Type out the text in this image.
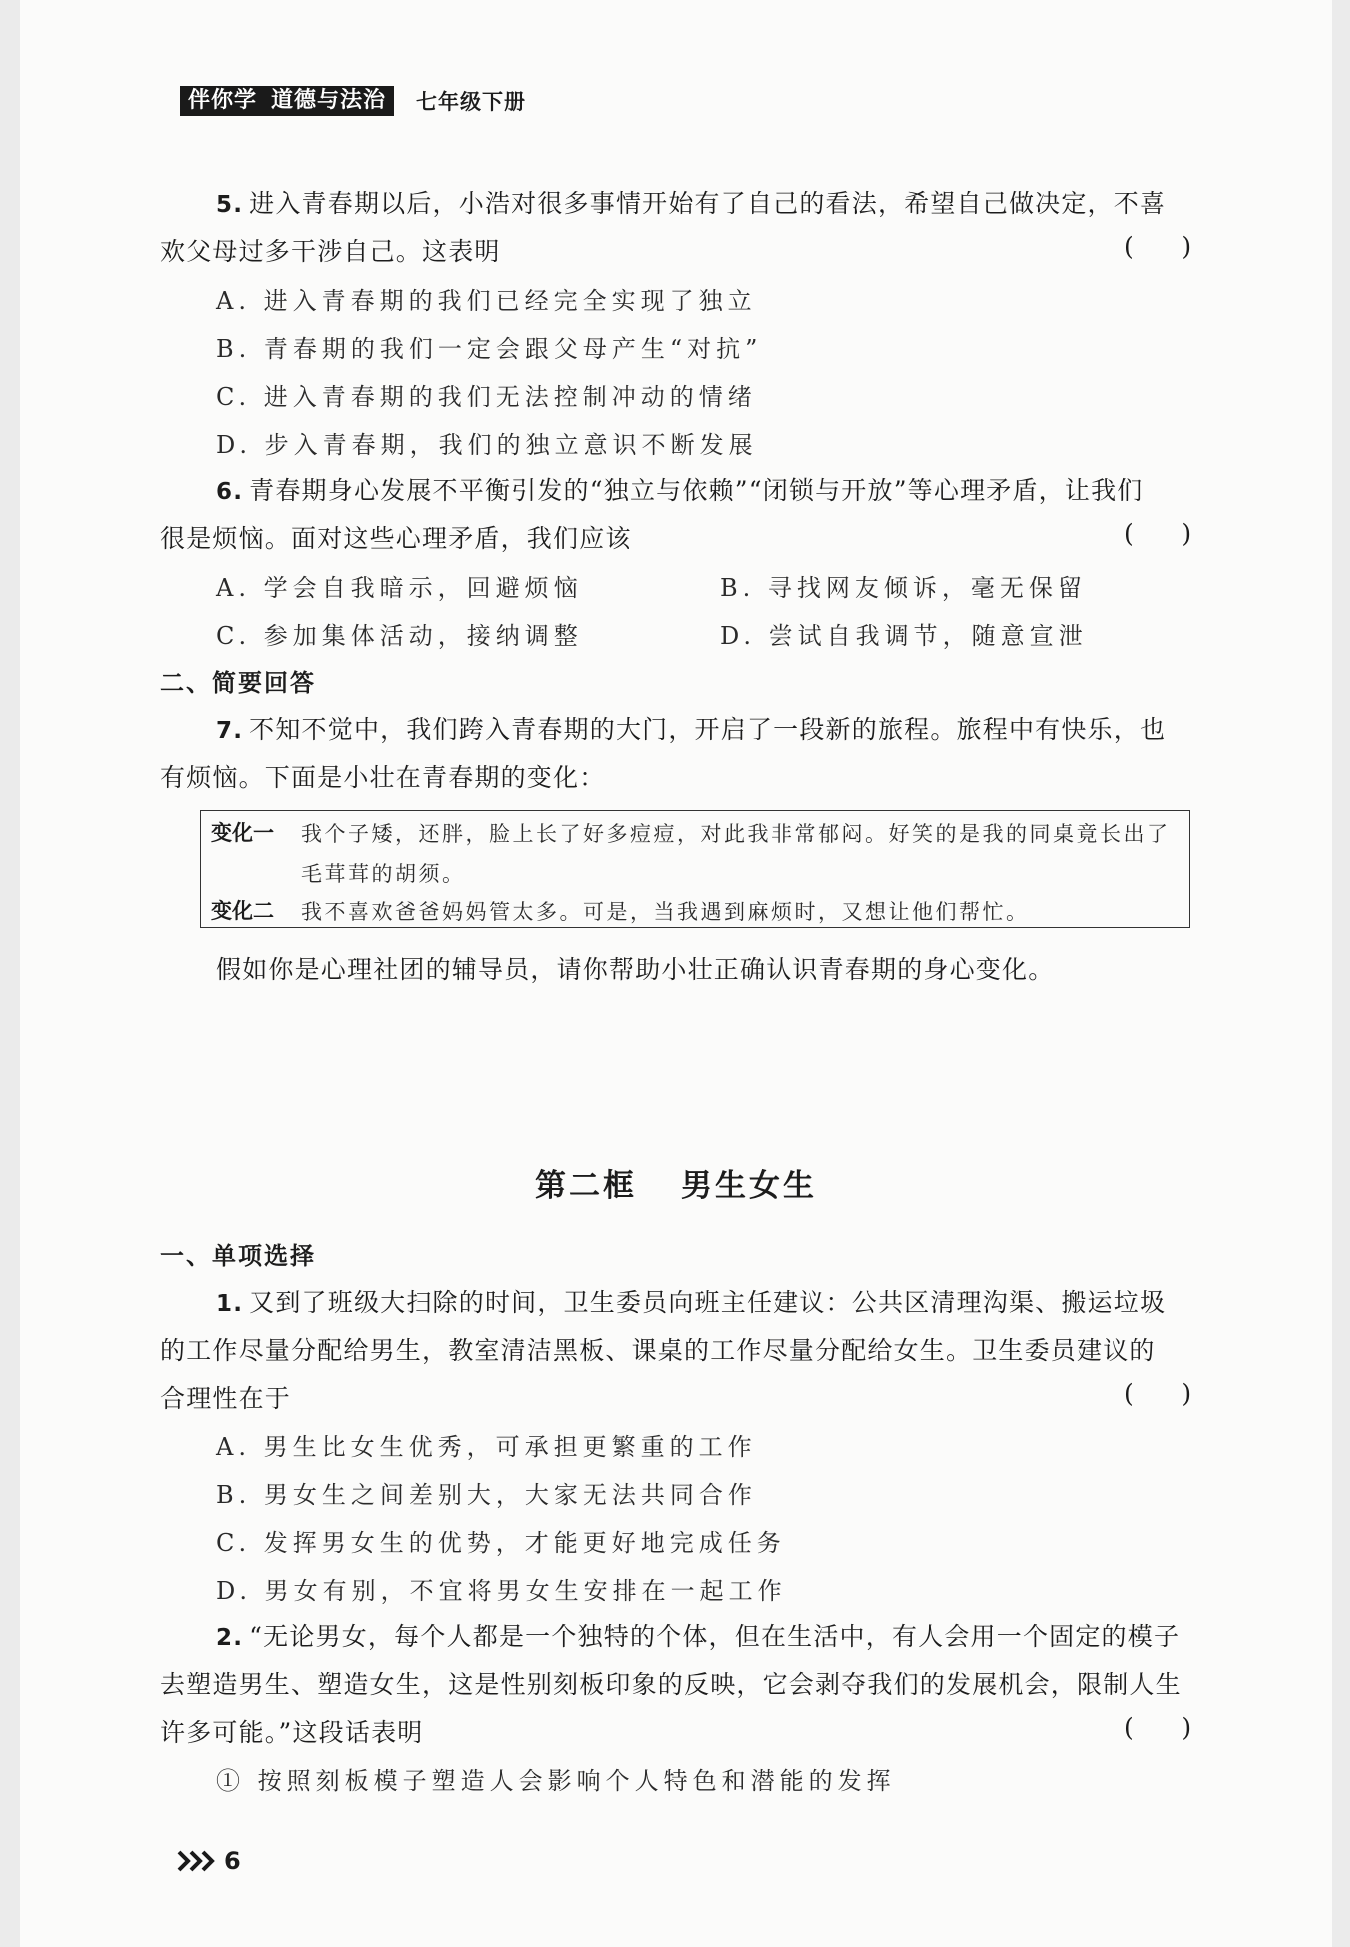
伴你学 道德与法治	七年级下册
5. 进入青春期以后，小浩对很多事情开始有了自己的看法，希望自己做决定，不喜
欢父母过多干涉自己。这表明	(      )
A. 进入青春期的我们已经完全实现了独立
B. 青春期的我们一定会跟父母产生“对抗”
C. 进入青春期的我们无法控制冲动的情绪
D. 步入青春期，我们的独立意识不断发展
6. 青春期身心发展不平衡引发的“独立与依赖”“闭锁与开放”等心理矛盾，让我们
很是烦恼。面对这些心理矛盾，我们应该	(      )
A. 学会自我暗示，回避烦恼	B. 寻找网友倾诉，毫无保留
C. 参加集体活动，接纳调整	D. 尝试自我调节，随意宣泄
二、简要回答
7. 不知不觉中，我们跨入青春期的大门，开启了一段新的旅程。旅程中有快乐，也
有烦恼。下面是小壮在青春期的变化：
变化一 我个子矮，还胖，脸上长了好多痘痘，对此我非常郁闷。好笑的是我的同桌竟长出了
毛茸茸的胡须。
变化二 我不喜欢爸爸妈妈管太多。可是，当我遇到麻烦时，又想让他们帮忙。
假如你是心理社团的辅导员，请你帮助小壮正确认识青春期的身心变化。
第二框 男生女生
一、单项选择
1. 又到了班级大扫除的时间，卫生委员向班主任建议：公共区清理沟渠、搬运垃圾
的工作尽量分配给男生，教室清洁黑板、课桌的工作尽量分配给女生。卫生委员建议的
合理性在于	(      )
A. 男生比女生优秀，可承担更繁重的工作
B. 男女生之间差别大，大家无法共同合作
C. 发挥男女生的优势，才能更好地完成任务
D. 男女有别，不宜将男女生安排在一起工作
2. “无论男女，每个人都是一个独特的个体，但在生活中，有人会用一个固定的模子
去塑造男生、塑造女生，这是性别刻板印象的反映，它会剥夺我们的发展机会，限制人生
许多可能。”这段话表明	(      )
① 按照刻板模子塑造人会影响个人特色和潜能的发挥
6
